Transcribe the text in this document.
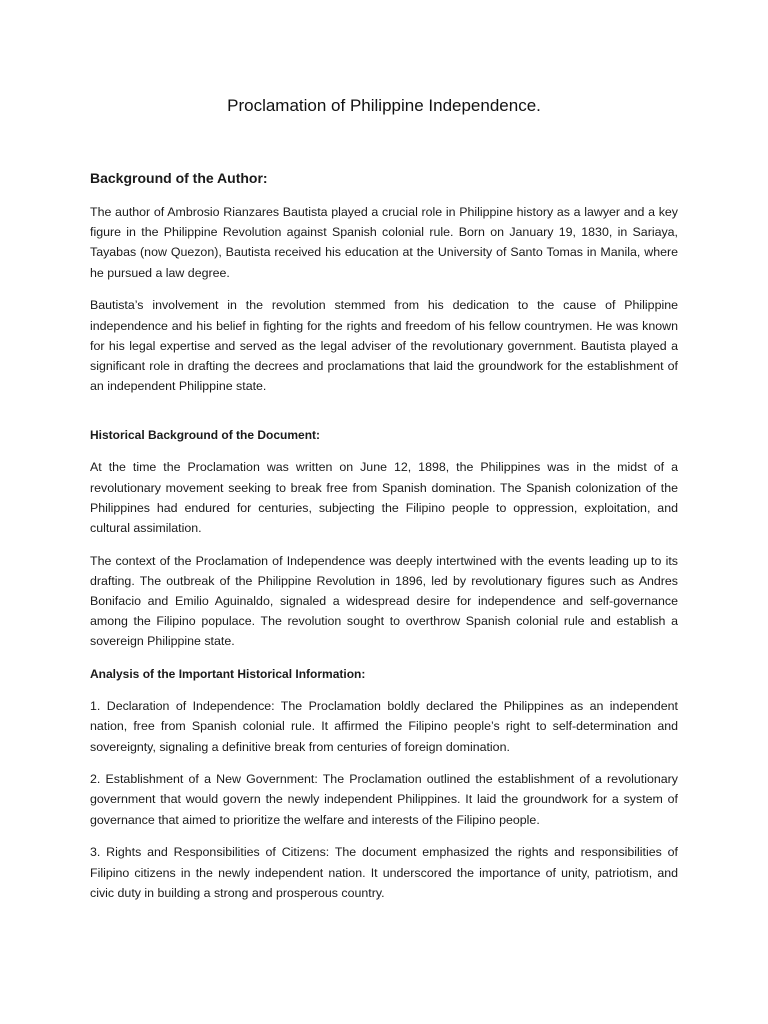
Proclamation of Philippine Independence.
Background of the Author:

The author of Ambrosio Rianzares Bautista played a crucial role in Philippine history as a lawyer and a key figure in the Philippine Revolution against Spanish colonial rule. Born on January 19, 1830, in Sariaya, Tayabas (now Quezon), Bautista received his education at the University of Santo Tomas in Manila, where he pursued a law degree.

Bautista’s involvement in the revolution stemmed from his dedication to the cause of Philippine independence and his belief in fighting for the rights and freedom of his fellow countrymen. He was known for his legal expertise and served as the legal adviser of the revolutionary government. Bautista played a significant role in drafting the decrees and proclamations that laid the groundwork for the establishment of an independent Philippine state.

Historical Background of the Document:

At the time the Proclamation was written on June 12, 1898, the Philippines was in the midst of a revolutionary movement seeking to break free from Spanish domination. The Spanish colonization of the Philippines had endured for centuries, subjecting the Filipino people to oppression, exploitation, and cultural assimilation.

The context of the Proclamation of Independence was deeply intertwined with the events leading up to its drafting. The outbreak of the Philippine Revolution in 1896, led by revolutionary figures such as Andres Bonifacio and Emilio Aguinaldo, signaled a widespread desire for independence and self-governance among the Filipino populace. The revolution sought to overthrow Spanish colonial rule and establish a sovereign Philippine state.

Analysis of the Important Historical Information:

1. Declaration of Independence: The Proclamation boldly declared the Philippines as an independent nation, free from Spanish colonial rule. It affirmed the Filipino people’s right to self-determination and sovereignty, signaling a definitive break from centuries of foreign domination.

2. Establishment of a New Government: The Proclamation outlined the establishment of a revolutionary government that would govern the newly independent Philippines. It laid the groundwork for a system of governance that aimed to prioritize the welfare and interests of the Filipino people.

3. Rights and Responsibilities of Citizens: The document emphasized the rights and responsibilities of Filipino citizens in the newly independent nation. It underscored the importance of unity, patriotism, and civic duty in building a strong and prosperous country.
